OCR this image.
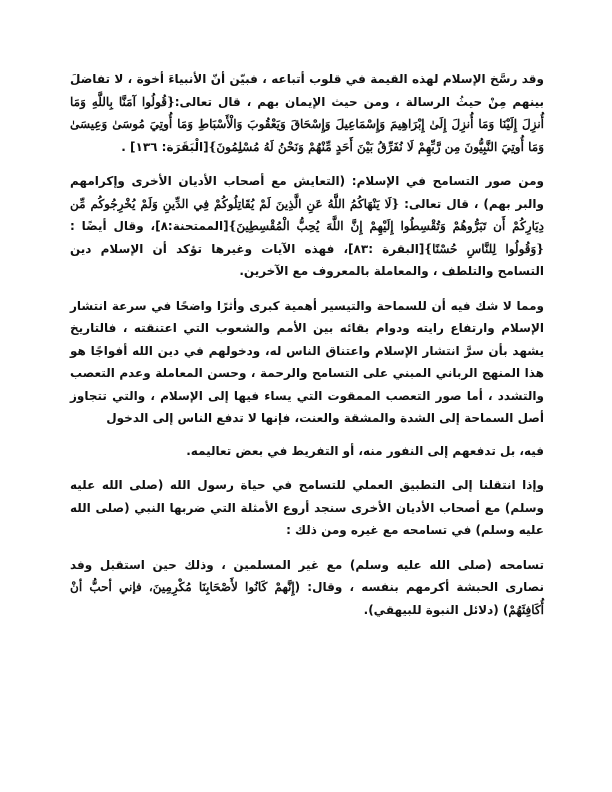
وقد رسَّخ الإسلام لهذه القيمة في قلوب أتباعه ، فبيّن أنّ الأنبياءَ أخوة ، لا تفاضلَ بينهم مِنْ حيثُ الرسالة ، ومن حيث الإيمان بهم ، قال تعالى:{قُولُوا آمَنَّا بِاللَّهِ وَمَا أُنزِلَ إِلَيْنَا وَمَا أُنزِلَ إِلَىٰ إِبْرَاهِيمَ وَإِسْمَاعِيلَ وَإِسْحَاقَ وَيَعْقُوبَ وَالْأَسْبَاطِ وَمَا أُوتِيَ مُوسَىٰ وَعِيسَىٰ وَمَا أُوتِيَ النَّبِيُّونَ مِن رَّبِّهِمْ لَا نُفَرِّقُ بَيْنَ أَحَدٍ مِّنْهُمْ وَنَحْنُ لَهُ مُسْلِمُونَ}[الْبَقَرَة: ١٣٦] .

ومن صور التسامح في الإسلام: (التعايش مع أصحاب الأديان الأخرى وإكرامهم والبر بهم) ، قال تعالى: {لَا يَنْهَاكُمُ اللَّهُ عَنِ الَّذِينَ لَمْ يُقَاتِلُوكُمْ فِي الدِّينِ وَلَمْ يُخْرِجُوكُم مِّن دِيَارِكُمْ أَن تَبَرُّوهُمْ وَتُقْسِطُوا إِلَيْهِمْ إِنَّ اللَّهَ يُحِبُّ الْمُقْسِطِينَ}[الممتحنة:٨]، وقال أيضًا :{وَقُولُوا لِلنَّاسِ حُسْنًا}[البقرة :٨٣]، فهذه الآيات وغيرها تؤكد أن الإسلام دين التسامح والتلطف ، والمعاملة بالمعروف مع الآخرين.

ومما لا شك فيه أن للسماحة والتيسير أهمية كبرى وأثرًا واضحًا في سرعة انتشار الإسلام وارتفاع رايته ودوام بقائه بين الأمم والشعوب التي اعتنقته ، فالتاريخ يشهد بأن سرَّ انتشار الإسلام واعتناق الناس له، ودخولهم في دين الله أفواجًا هو هذا المنهج الرباني المبني على التسامح والرحمة ، وحسن المعاملة وعدم التعصب والتشدد ، أما صور التعصب الممقوت التي يساء فيها إلى الإسلام ، والتي تتجاوز أصل السماحة إلى الشدة والمشقة والعنت، فإنها لا تدفع الناس إلى الدخول

فيه، بل تدفعهم إلى النفور منه، أو التفريط في بعض تعاليمه.

وإذا انتقلنا إلى التطبيق العملي للتسامح في حياة رسول الله (صلى الله عليه وسلم) مع أصحاب الأديان الأخرى سنجد أروع الأمثلة التي ضربها النبي (صلى الله عليه وسلم) في تسامحه مع غيره ومن ذلك :

تسامحه (صلى الله عليه وسلم) مع غير المسلمين ، وذلك حين استقبل وفد نصارى الحبشة أكرمهم بنفسه ، وقال: (إِنَّهمْ كَانُوا لأَصْحَابِنَا مُكْرِمِينَ، فإني أحبُّ أنْ أُكَافِئَهُمْ) (دلائل النبوة للبيهقي).
